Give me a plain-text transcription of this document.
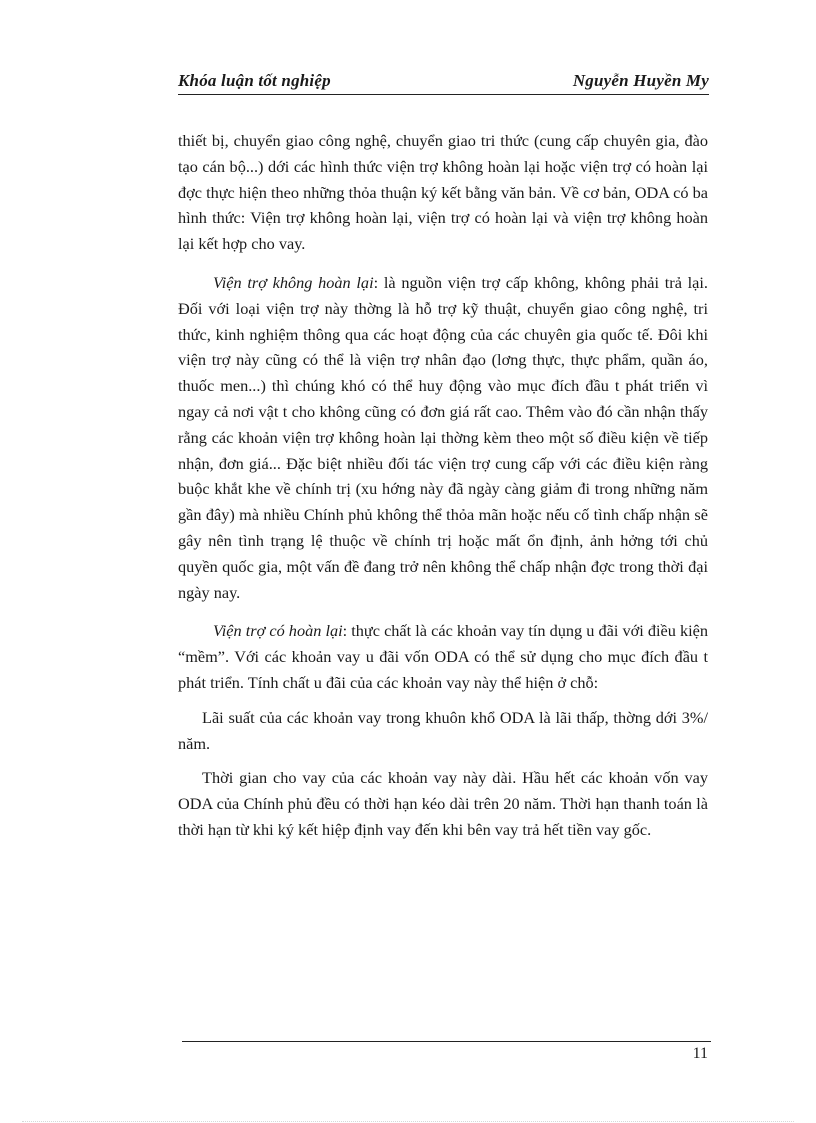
Khóa luận tốt nghiệp	Nguyễn Huyền My

thiết bị, chuyển giao công nghệ, chuyển giao tri thức (cung cấp chuyên gia, đào tạo cán bộ...) dới các hình thức viện trợ không hoàn lại hoặc viện trợ có hoàn lại đợc thực hiện theo những thỏa thuận ký kết bằng văn bản. Về cơ bản, ODA có ba hình thức: Viện trợ không hoàn lại, viện trợ có hoàn lại và viện trợ không hoàn lại kết hợp cho vay.

Viện trợ không hoàn lại: là nguồn viện trợ cấp không, không phải trả lại. Đối với loại viện trợ này thờng là hỗ trợ kỹ thuật, chuyển giao công nghệ, tri thức, kinh nghiệm thông qua các hoạt động của các chuyên gia quốc tế. Đôi khi viện trợ này cũng có thể là viện trợ nhân đạo (lơng thực, thực phẩm, quần áo, thuốc men...) thì chúng khó có thể huy động vào mục đích đầu t phát triển vì ngay cả nơi vật t cho không cũng có đơn giá rất cao. Thêm vào đó cần nhận thấy rằng các khoản viện trợ không hoàn lại thờng kèm theo một số điều kiện về tiếp nhận, đơn giá... Đặc biệt nhiều đối tác viện trợ cung cấp với các điều kiện ràng buộc khắt khe về chính trị (xu hớng này đã ngày càng giảm đi trong những năm gần đây) mà nhiều Chính phủ không thể thỏa mãn hoặc nếu cố tình chấp nhận sẽ gây nên tình trạng lệ thuộc về chính trị hoặc mất ổn định, ảnh hởng tới chủ quyền quốc gia, một vấn đề đang trở nên không thể chấp nhận đợc trong thời đại ngày nay.

Viện trợ có hoàn lại: thực chất là các khoản vay tín dụng u đãi với điều kiện “mềm”. Với các khoản vay u đãi vốn ODA có thể sử dụng cho mục đích đầu t phát triển. Tính chất u đãi của các khoản vay này thể hiện ở chỗ:

Lãi suất của các khoản vay trong khuôn khổ ODA là lãi thấp, thờng dới 3%/ năm.

Thời gian cho vay của các khoản vay này dài. Hầu hết các khoản vốn vay ODA của Chính phủ đều có thời hạn kéo dài trên 20 năm. Thời hạn thanh toán là thời hạn từ khi ký kết hiệp định vay đến khi bên vay trả hết tiền vay gốc.

11
